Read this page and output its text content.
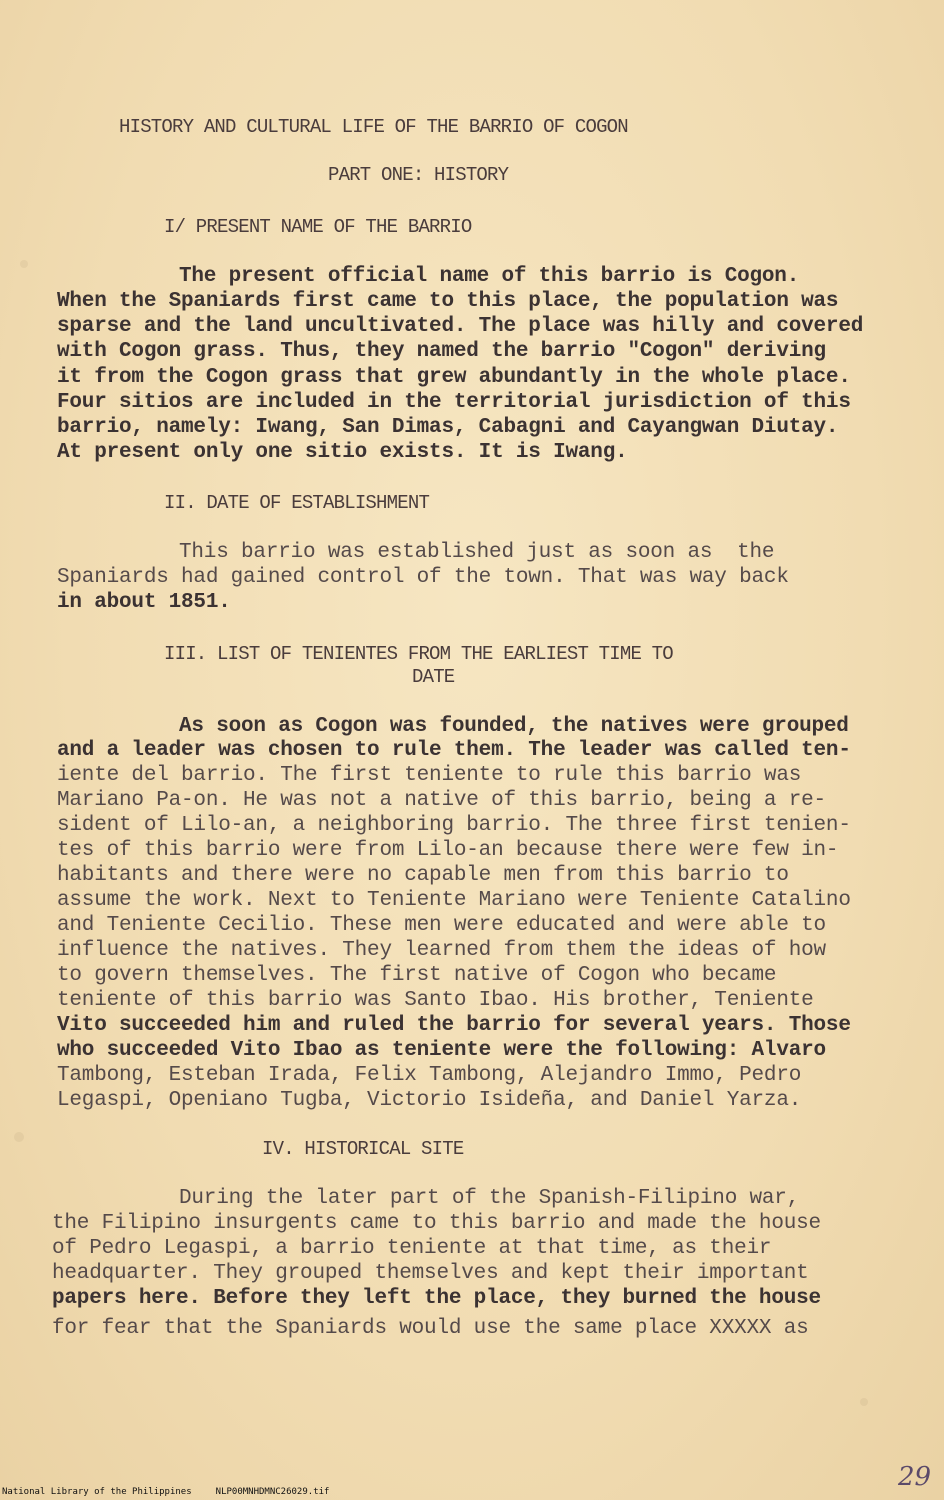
HISTORY AND CULTURAL LIFE OF THE BARRIO OF COGON
PART ONE: HISTORY
I/ PRESENT NAME OF THE BARRIO
The present official name of this barrio is Cogon.
When the Spaniards first came to this place, the population was
sparse and the land uncultivated. The place was hilly and covered
with Cogon grass. Thus, they named the barrio "Cogon" deriving
it from the Cogon grass that grew abundantly in the whole place.
Four sitios are included in the territorial jurisdiction of this
barrio, namely: Iwang, San Dimas, Cabagni and Cayangwan Diutay.
At present only one sitio exists. It is Iwang.
II. DATE OF ESTABLISHMENT
This barrio was established just as soon as  the
Spaniards had gained control of the town. That was way back
in about 1851.
III. LIST OF TENIENTES FROM THE EARLIEST TIME TO
DATE
As soon as Cogon was founded, the natives were grouped
and a leader was chosen to rule them. The leader was called ten-
iente del barrio. The first teniente to rule this barrio was
Mariano Pa-on. He was not a native of this barrio, being a re-
sident of Lilo-an, a neighboring barrio. The three first tenien-
tes of this barrio were from Lilo-an because there were few in-
habitants and there were no capable men from this barrio to
assume the work. Next to Teniente Mariano were Teniente Catalino
and Teniente Cecilio. These men were educated and were able to
influence the natives. They learned from them the ideas of how
to govern themselves. The first native of Cogon who became
teniente of this barrio was Santo Ibao. His brother, Teniente
Vito succeeded him and ruled the barrio for several years. Those
who succeeded Vito Ibao as teniente were the following: Alvaro
Tambong, Esteban Irada, Felix Tambong, Alejandro Immo, Pedro
Legaspi, Openiano Tugba, Victorio Isideña, and Daniel Yarza.
IV. HISTORICAL SITE
During the later part of the Spanish-Filipino war,
the Filipino insurgents came to this barrio and made the house
of Pedro Legaspi, a barrio teniente at that time, as their
headquarter. They grouped themselves and kept their important
papers here. Before they left the place, they burned the house
for fear that the Spaniards would use the same place XXXXX as
National Library of the Philippines	NLP00MNHDMNC26029.tif	29
